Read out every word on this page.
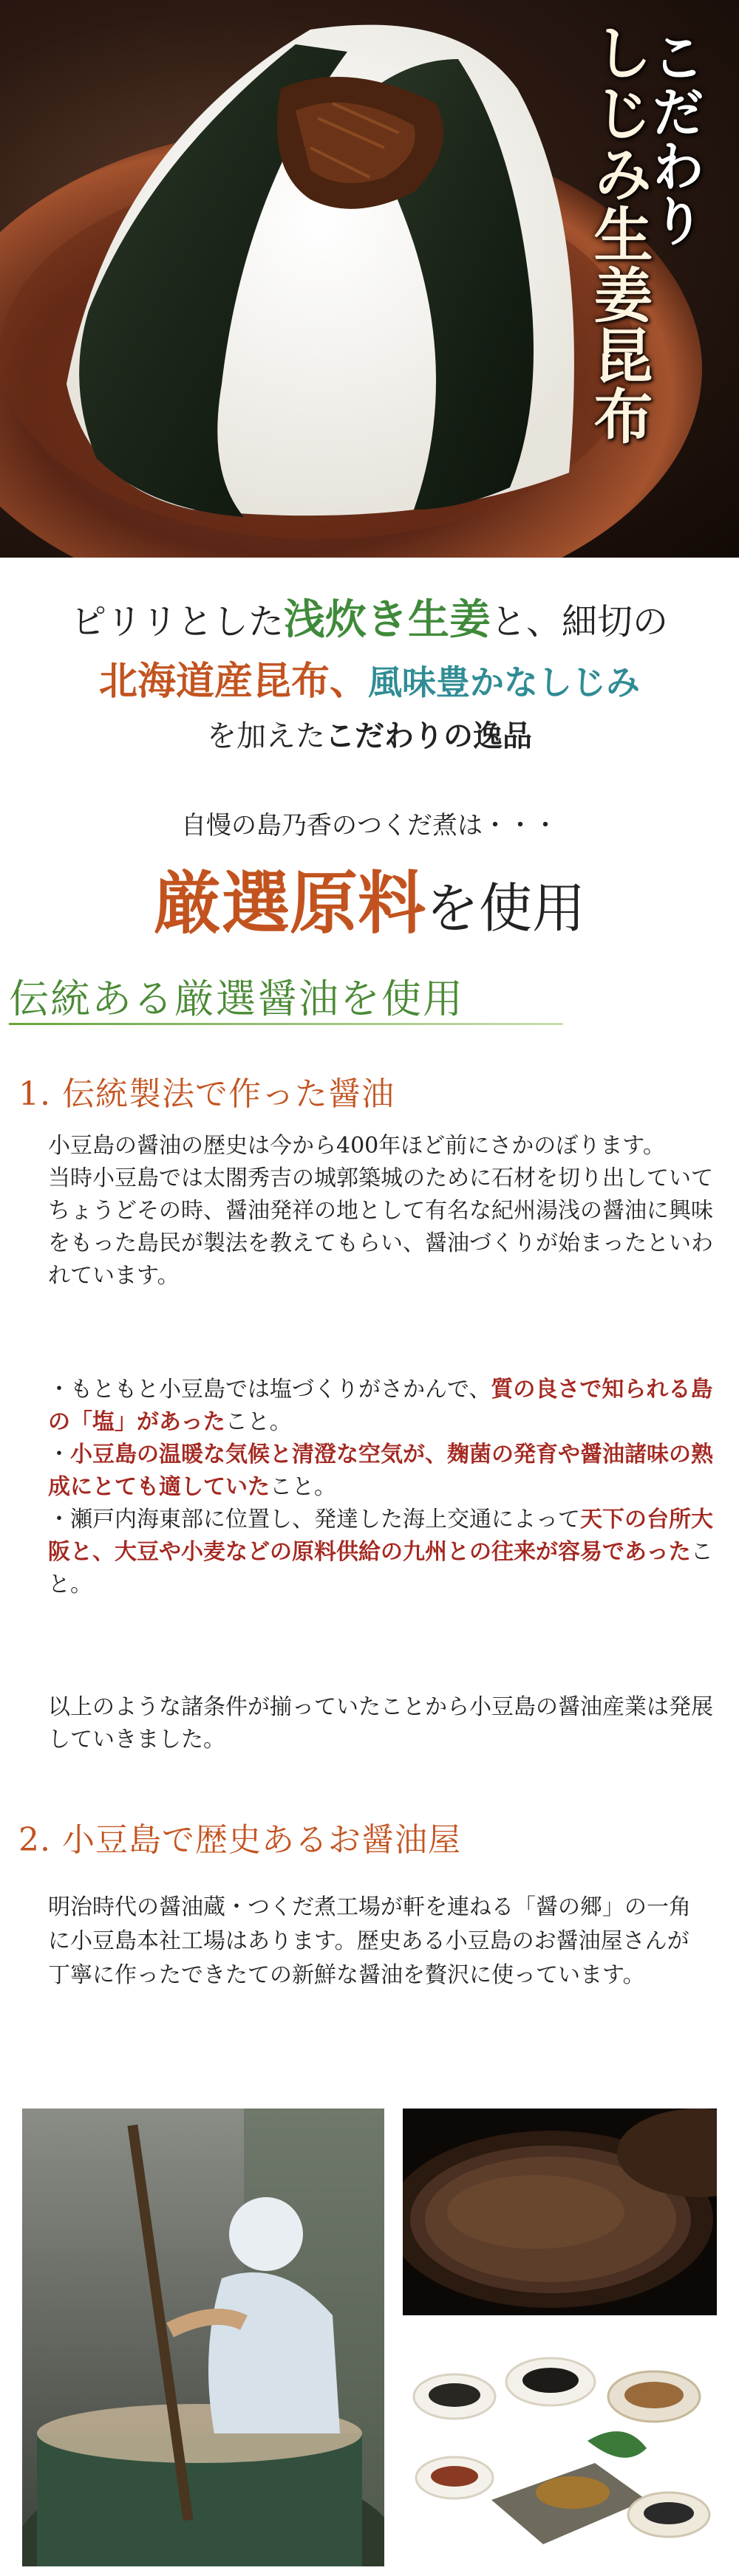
こだわり
しじみ生姜昆布
ピリリとした浅炊き生姜と、細切の
北海道産昆布、風味豊かなしじみ
を加えたこだわりの逸品
自慢の島乃香のつくだ煮は・・・
厳選原料を使用
伝統ある厳選醤油を使用
1. 伝統製法で作った醤油
小豆島の醤油の歴史は今から400年ほど前にさかのぼります。
当時小豆島では太閤秀吉の城郭築城のために石材を切り出していてちょうどその時、醤油発祥の地として有名な紀州湯浅の醤油に興味をもった島民が製法を教えてもらい、醤油づくりが始まったといわれています。

・もともと小豆島では塩づくりがさかんで、質の良さで知られる島の「塩」があったこと。

・小豆島の温暖な気候と清澄な空気が、麹菌の発育や醤油諸味の熟成にとても適していたこと。

・瀬戸内海東部に位置し、発達した海上交通によって天下の台所大阪と、大豆や小麦などの原料供給の九州との往来が容易であったこと。

以上のような諸条件が揃っていたことから小豆島の醤油産業は発展していきました。
2. 小豆島で歴史あるお醤油屋
明治時代の醤油蔵・つくだ煮工場が軒を連ねる「醤の郷」の一角に小豆島本社工場はあります。歴史ある小豆島のお醤油屋さんが丁寧に作ったできたての新鮮な醤油を贅沢に使っています。
